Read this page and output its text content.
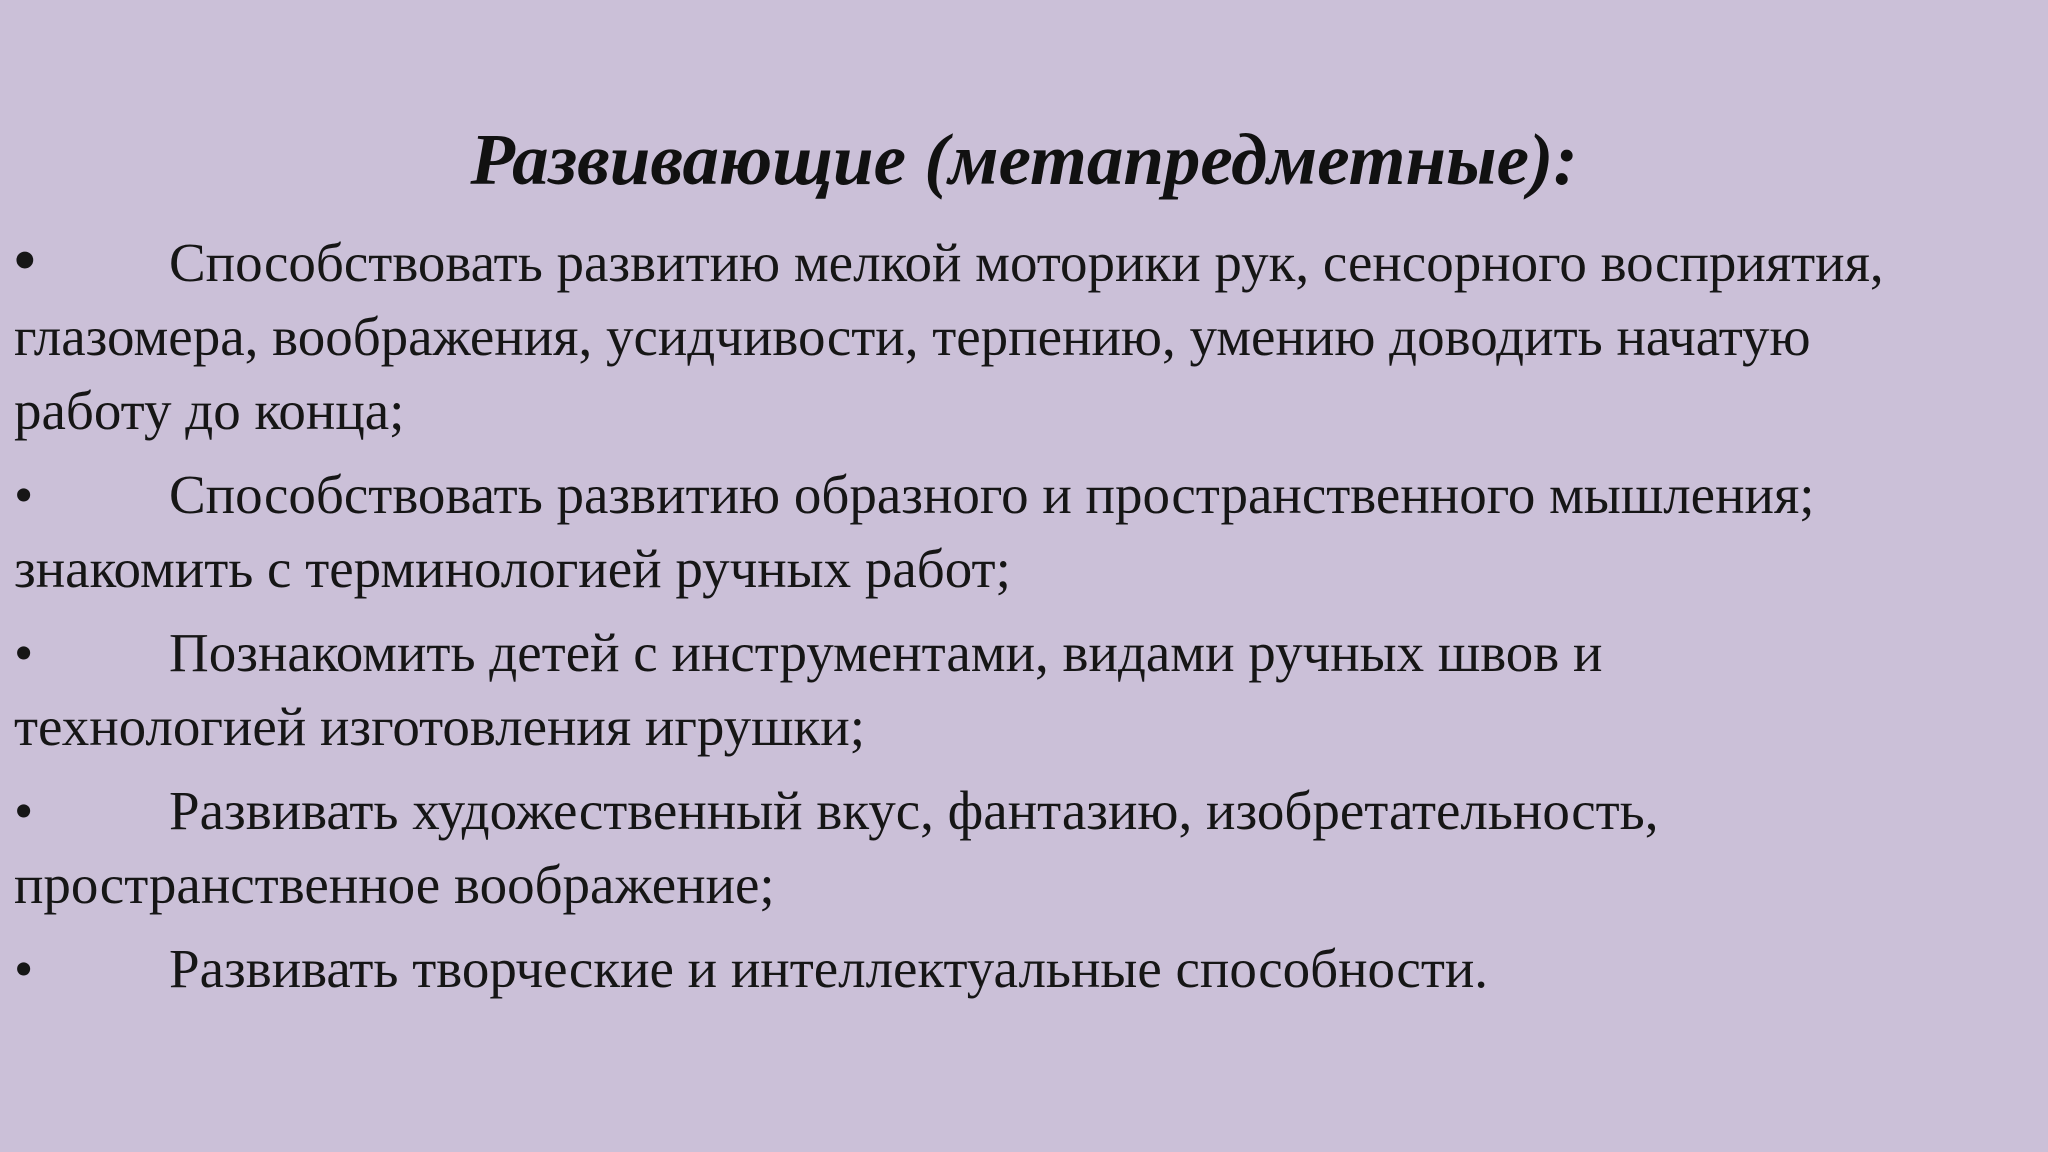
Развивающие (метапредметные):
• Способствовать развитию мелкой моторики рук, сенсорного восприятия,
глазомера, воображения, усидчивости, терпению, умению доводить начатую
работу до конца;
• Способствовать развитию образного и пространственного мышления;
знакомить с терминологией ручных работ;
• Познакомить детей с инструментами, видами ручных швов и
технологией изготовления игрушки;
• Развивать художественный вкус, фантазию, изобретательность,
пространственное воображение;
• Развивать творческие и интеллектуальные способности.
